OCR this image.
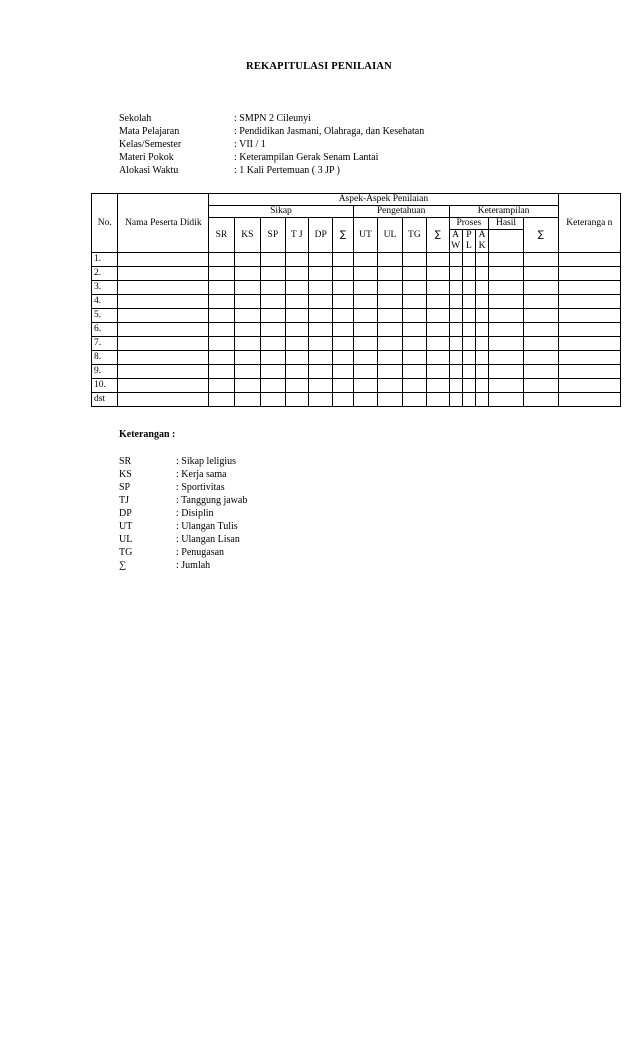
REKAPITULASI PENILAIAN
Sekolah	: SMPN 2 Cileunyi
Mata Pelajaran	: Pendidikan Jasmani, Olahraga, dan Kesehatan
Kelas/Semester	: VII / 1
Materi Pokok	: Keterampilan Gerak Senam Lantai
Alokasi Waktu	: 1 Kali Pertemuan ( 3 JP )
No.	Nama Peserta Didik	Aspek-Aspek Penilaian															Keteranga n
		Sikap						Pengetahuan				Keterampilan					
		SR	KS	SP	T J	DP	∑	UT	UL	TG	∑	Proses			Hasil	∑	
												A	P	A			
												W	L	K			
1.																	
2.																	
3.																	
4.																	
5.																	
6.																	
7.																	
8.																	
9.																	
10.																	
dst																	
Keterangan :
SR	: Sikap leligius
KS	: Kerja sama
SP	: Sportivitas
TJ	: Tanggung jawab
DP	: Disiplin
UT	: Ulangan Tulis
UL	: Ulangan Lisan
TG	: Penugasan
∑	: Jumlah
